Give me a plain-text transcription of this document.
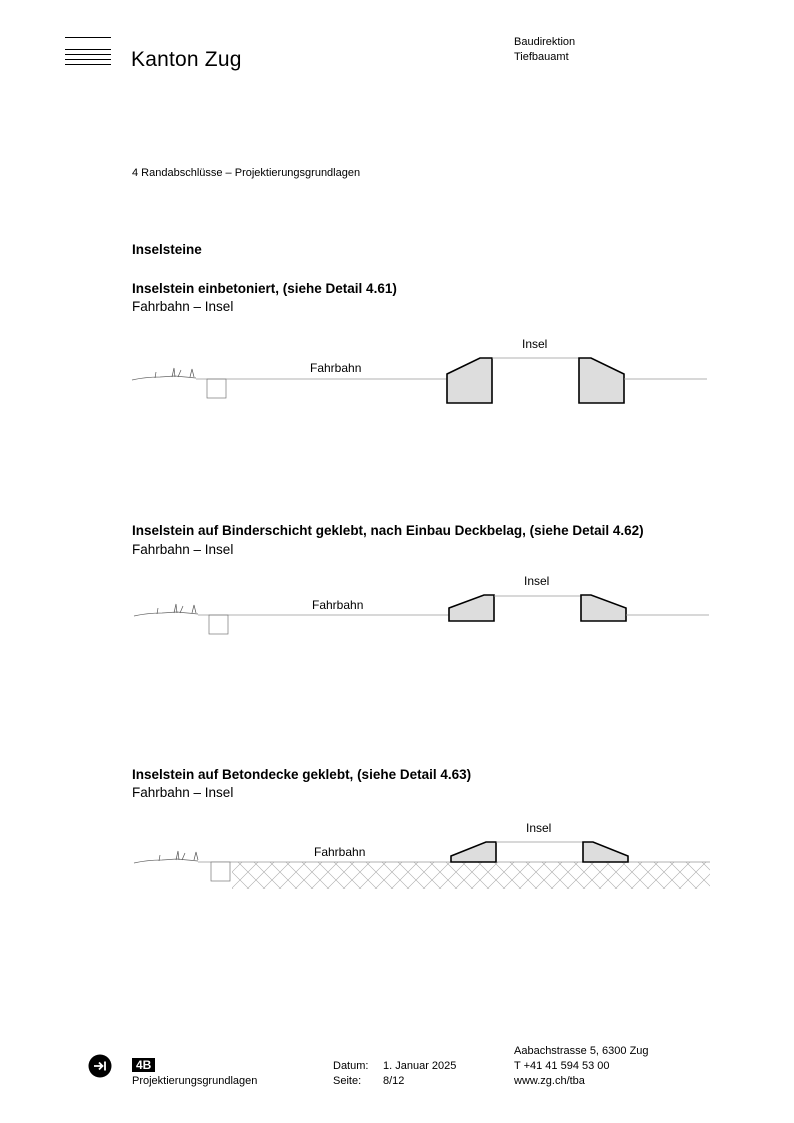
Kanton Zug
Baudirektion
Tiefbauamt
4 Randabschlüsse – Projektierungsgrundlagen
Inselsteine
Inselstein einbetoniert, (siehe Detail 4.61)
Fahrbahn – Insel
Fahrbahn
Insel
Inselstein auf Binderschicht geklebt, nach Einbau Deckbelag, (siehe Detail 4.62)
Fahrbahn – Insel
Fahrbahn
Insel
Inselstein auf Betondecke geklebt, (siehe Detail 4.63)
Fahrbahn – Insel
Fahrbahn
Insel
4B
Projektierungsgrundlagen
Datum: 1. Januar 2025
Seite: 8/12
Aabachstrasse 5, 6300 Zug
T +41 41 594 53 00
www.zg.ch/tba
